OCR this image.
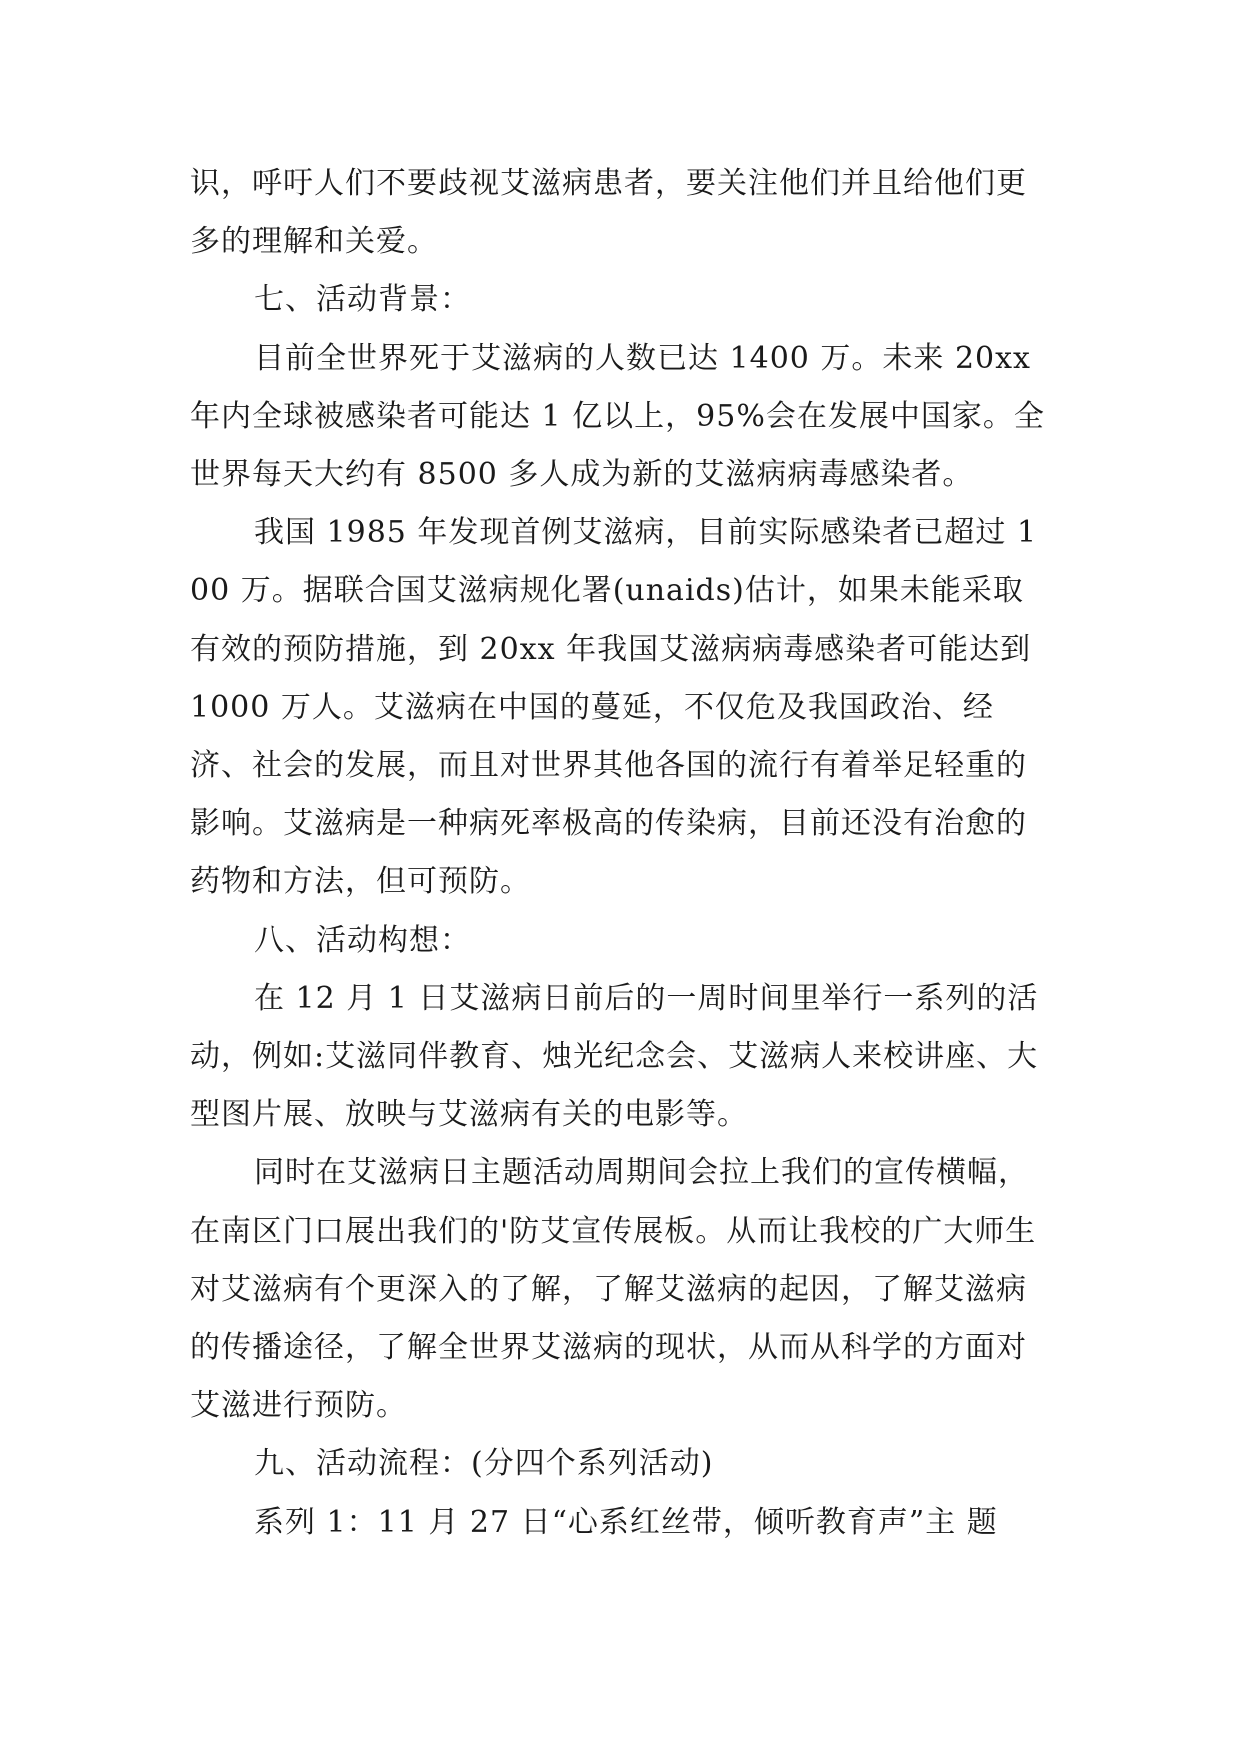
识，呼吁人们不要歧视艾滋病患者，要关注他们并且给他们更多的理解和关爱。

七、活动背景：

目前全世界死于艾滋病的人数已达 1400 万。未来 20xx 年内全球被感染者可能达 1 亿以上，95%会在发展中国家。全世界每天大约有 8500 多人成为新的艾滋病病毒感染者。

我国 1985 年发现首例艾滋病，目前实际感染者已超过 100 万。据联合国艾滋病规化署(unaids)估计，如果未能采取有效的预防措施，到 20xx 年我国艾滋病病毒感染者可能达到 1000 万人。艾滋病在中国的蔓延，不仅危及我国政治、经济、社会的发展，而且对世界其他各国的流行有着举足轻重的影响。艾滋病是一种病死率极高的传染病，目前还没有治愈的药物和方法，但可预防。

八、活动构想：

在 12 月 1 日艾滋病日前后的一周时间里举行一系列的活动，例如:艾滋同伴教育、烛光纪念会、艾滋病人来校讲座、大型图片展、放映与艾滋病有关的电影等。

同时在艾滋病日主题活动周期间会拉上我们的宣传横幅，在南区门口展出我们的'防艾宣传展板。从而让我校的广大师生对艾滋病有个更深入的了解，了解艾滋病的起因，了解艾滋病的传播途径，了解全世界艾滋病的现状，从而从科学的方面对艾滋进行预防。

九、活动流程：(分四个系列活动)

系列 1：11 月 27 日“心系红丝带，倾听教育声”主 题
